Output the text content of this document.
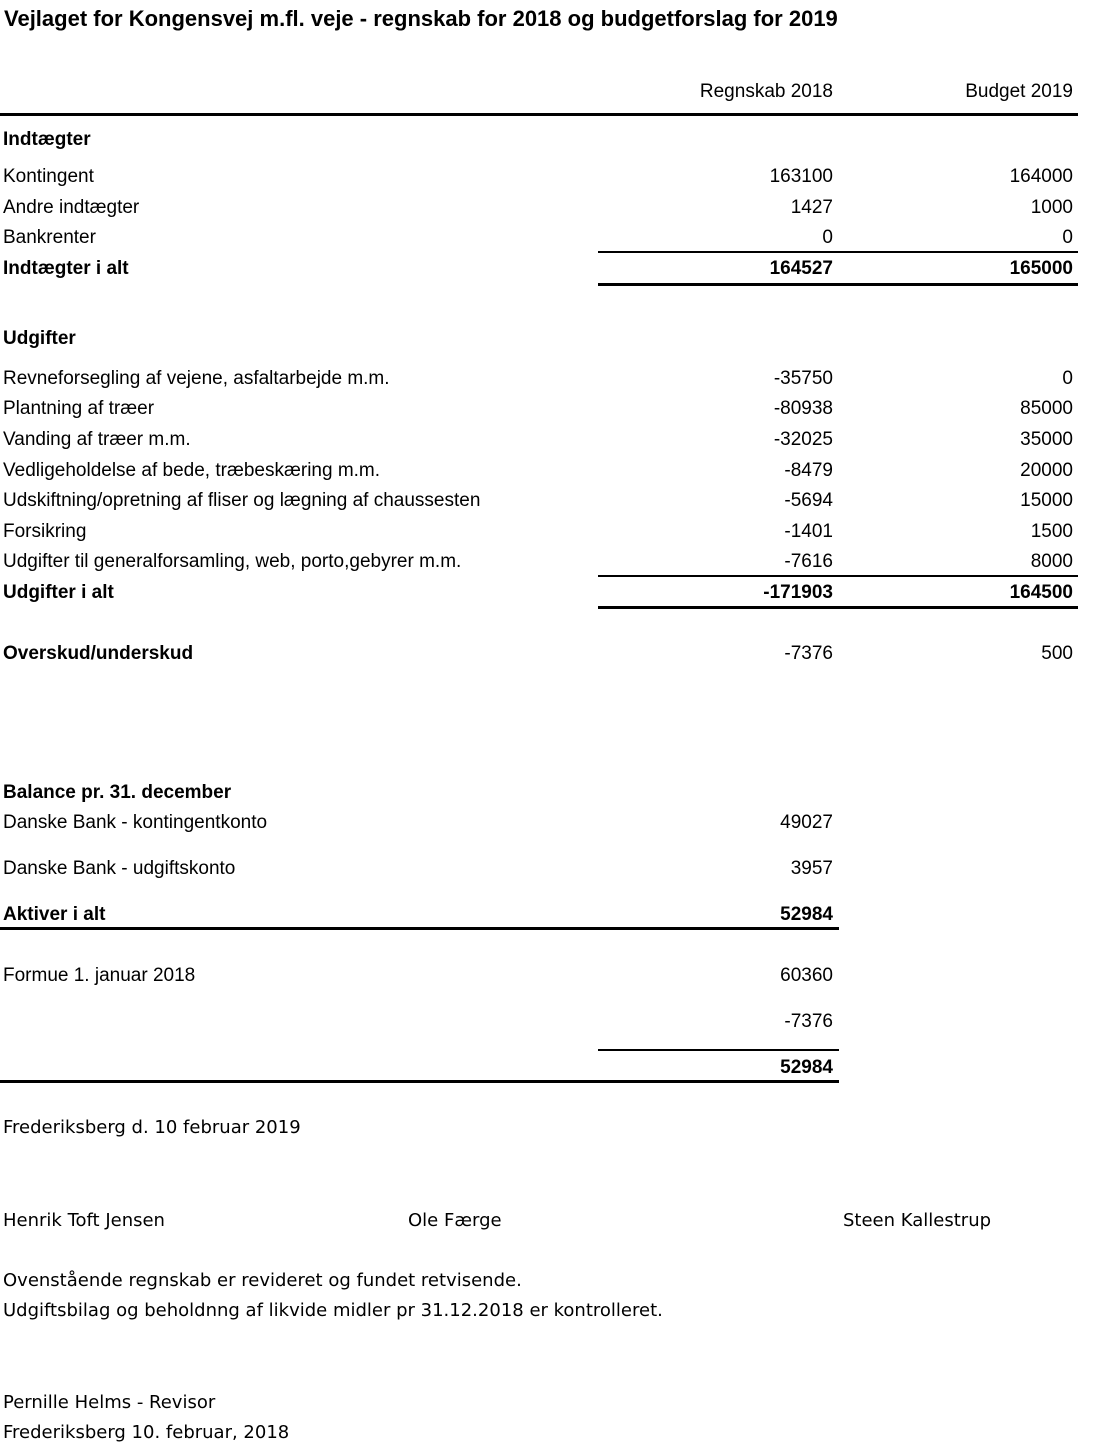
Vejlaget for Kongensvej m.fl. veje - regnskab for 2018 og budgetforslag for 2019
Regnskab 2018	Budget 2019
Indtægter
Kontingent	163100	164000
Andre indtægter	1427	1000
Bankrenter	0	0
Indtægter i alt	164527	165000
Udgifter
Revneforsegling af vejene, asfaltarbejde m.m.	-35750	0
Plantning af træer	-80938	85000
Vanding af træer m.m.	-32025	35000
Vedligeholdelse af bede, træbeskæring m.m.	-8479	20000
Udskiftning/opretning af fliser og lægning af chaussesten	-5694	15000
Forsikring	-1401	1500
Udgifter til generalforsamling, web, porto,gebyrer m.m.	-7616	8000
Udgifter i alt	-171903	164500
Overskud/underskud	-7376	500
Balance pr. 31. december
Danske Bank - kontingentkonto	49027
Danske Bank - udgiftskonto	3957
Aktiver i alt	52984
Formue 1. januar 2018	60360
-7376
52984
Frederiksberg d. 10 februar 2019
Henrik Toft Jensen	Ole Færge	Steen Kallestrup
Ovenstående regnskab er revideret og fundet retvisende.
Udgiftsbilag og beholdnng af likvide midler pr 31.12.2018 er kontrolleret.
Pernille Helms - Revisor
Frederiksberg 10. februar, 2018
